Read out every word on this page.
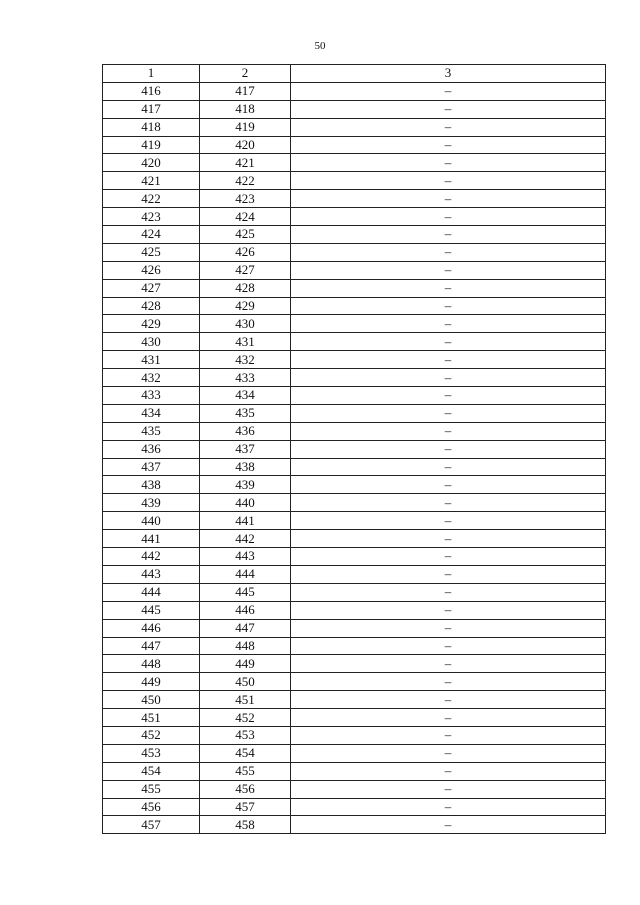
50
1	2	3
416	417	–
417	418	–
418	419	–
419	420	–
420	421	–
421	422	–
422	423	–
423	424	–
424	425	–
425	426	–
426	427	–
427	428	–
428	429	–
429	430	–
430	431	–
431	432	–
432	433	–
433	434	–
434	435	–
435	436	–
436	437	–
437	438	–
438	439	–
439	440	–
440	441	–
441	442	–
442	443	–
443	444	–
444	445	–
445	446	–
446	447	–
447	448	–
448	449	–
449	450	–
450	451	–
451	452	–
452	453	–
453	454	–
454	455	–
455	456	–
456	457	–
457	458	–
